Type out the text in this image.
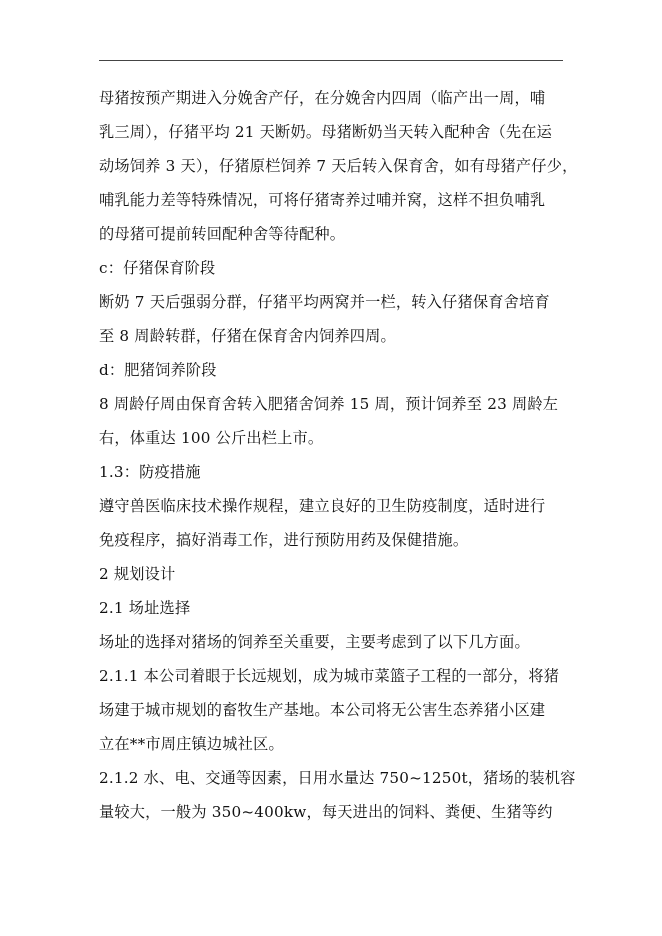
母猪按预产期进入分娩舍产仔，在分娩舍内四周（临产出一周，哺
乳三周），仔猪平均 21 天断奶。母猪断奶当天转入配种舍（先在运
动场饲养 3 天），仔猪原栏饲养 7 天后转入保育舍，如有母猪产仔少，
哺乳能力差等特殊情况，可将仔猪寄养过哺并窝，这样不担负哺乳
的母猪可提前转回配种舍等待配种。
c：仔猪保育阶段
断奶 7 天后强弱分群，仔猪平均两窝并一栏，转入仔猪保育舍培育
至 8 周龄转群，仔猪在保育舍内饲养四周。
d：肥猪饲养阶段
8 周龄仔周由保育舍转入肥猪舍饲养 15 周，预计饲养至 23 周龄左
右，体重达 100 公斤出栏上市。
1.3：防疫措施
遵守兽医临床技术操作规程，建立良好的卫生防疫制度，适时进行
免疫程序，搞好消毒工作，进行预防用药及保健措施。
2 规划设计
2.1 场址选择
场址的选择对猪场的饲养至关重要，主要考虑到了以下几方面。
2.1.1 本公司着眼于长远规划，成为城市菜篮子工程的一部分，将猪
场建于城市规划的畜牧生产基地。本公司将无公害生态养猪小区建
立在**市周庄镇边城社区。
2.1.2 水、电、交通等因素，日用水量达 750~1250t，猪场的装机容
量较大，一般为 350~400kw，每天进出的饲料、粪便、生猪等约
